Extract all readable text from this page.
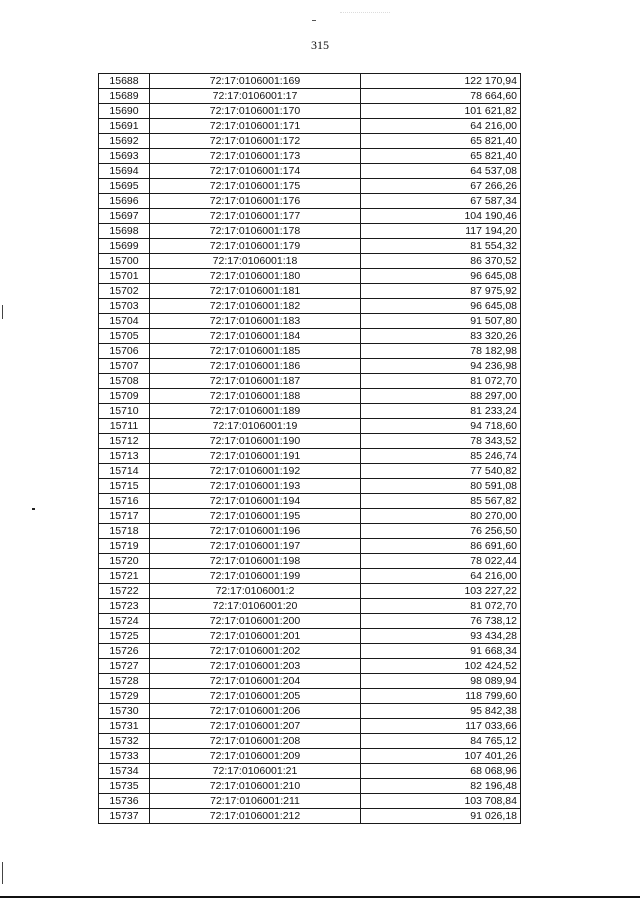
315
15688	72:17:0106001:169	122 170,94
15689	72:17:0106001:17	78 664,60
15690	72:17:0106001:170	101 621,82
15691	72:17:0106001:171	64 216,00
15692	72:17:0106001:172	65 821,40
15693	72:17:0106001:173	65 821,40
15694	72:17:0106001:174	64 537,08
15695	72:17:0106001:175	67 266,26
15696	72:17:0106001:176	67 587,34
15697	72:17:0106001:177	104 190,46
15698	72:17:0106001:178	117 194,20
15699	72:17:0106001:179	81 554,32
15700	72:17:0106001:18	86 370,52
15701	72:17:0106001:180	96 645,08
15702	72:17:0106001:181	87 975,92
15703	72:17:0106001:182	96 645,08
15704	72:17:0106001:183	91 507,80
15705	72:17:0106001:184	83 320,26
15706	72:17:0106001:185	78 182,98
15707	72:17:0106001:186	94 236,98
15708	72:17:0106001:187	81 072,70
15709	72:17:0106001:188	88 297,00
15710	72:17:0106001:189	81 233,24
15711	72:17:0106001:19	94 718,60
15712	72:17:0106001:190	78 343,52
15713	72:17:0106001:191	85 246,74
15714	72:17:0106001:192	77 540,82
15715	72:17:0106001:193	80 591,08
15716	72:17:0106001:194	85 567,82
15717	72:17:0106001:195	80 270,00
15718	72:17:0106001:196	76 256,50
15719	72:17:0106001:197	86 691,60
15720	72:17:0106001:198	78 022,44
15721	72:17:0106001:199	64 216,00
15722	72:17:0106001:2	103 227,22
15723	72:17:0106001:20	81 072,70
15724	72:17:0106001:200	76 738,12
15725	72:17:0106001:201	93 434,28
15726	72:17:0106001:202	91 668,34
15727	72:17:0106001:203	102 424,52
15728	72:17:0106001:204	98 089,94
15729	72:17:0106001:205	118 799,60
15730	72:17:0106001:206	95 842,38
15731	72:17:0106001:207	117 033,66
15732	72:17:0106001:208	84 765,12
15733	72:17:0106001:209	107 401,26
15734	72:17:0106001:21	68 068,96
15735	72:17:0106001:210	82 196,48
15736	72:17:0106001:211	103 708,84
15737	72:17:0106001:212	91 026,18
